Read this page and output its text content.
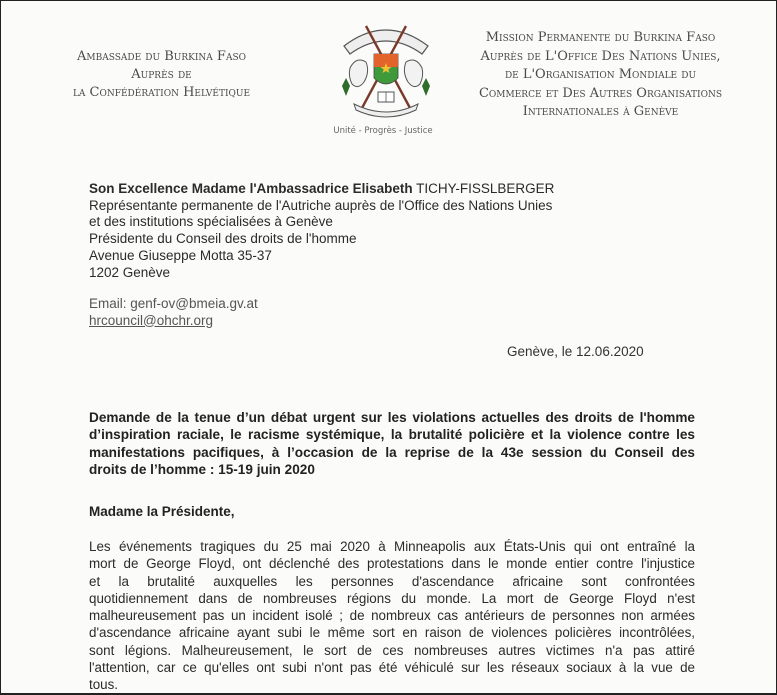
Ambassade du Burkina Faso
Auprès de
la Confédération Helvétique
Unité - Progrès - Justice
Mission Permanente du Burkina Faso
Auprès de L'Office Des Nations Unies,
de L'Organisation Mondiale du
Commerce et Des Autres Organisations
Internationales à Genève
Son Excellence Madame l'Ambassadrice Elisabeth TICHY-FISSLBERGER
Représentante permanente de l'Autriche auprès de l'Office des Nations Unies
et des institutions spécialisées à Genève
Présidente du Conseil des droits de l'homme
Avenue Giuseppe Motta 35-37
1202 Genève
Email: genf-ov@bmeia.gv.at
hrcouncil@ohchr.org
Genève, le 12.06.2020
Demande de la tenue d’un débat urgent sur les violations actuelles des droits de l'homme
d’inspiration raciale, le racisme systémique, la brutalité policière et la violence contre les
manifestations pacifiques, à l’occasion de la reprise de la 43e session du Conseil des
droits de l’homme : 15-19 juin 2020
Madame la Présidente,
Les événements tragiques du 25 mai 2020 à Minneapolis aux États-Unis qui ont entraîné la
mort de George Floyd, ont déclenché des protestations dans le monde entier contre l'injustice
et la brutalité auxquelles les personnes d'ascendance africaine sont confrontées
quotidiennement dans de nombreuses régions du monde. La mort de George Floyd n'est
malheureusement pas un incident isolé ; de nombreux cas antérieurs de personnes non armées
d'ascendance africaine ayant subi le même sort en raison de violences policières incontrôlées,
sont légions. Malheureusement, le sort de ces nombreuses autres victimes n'a pas attiré
l'attention, car ce qu'elles ont subi n'ont pas été véhiculé sur les réseaux sociaux à la vue de
tous.
